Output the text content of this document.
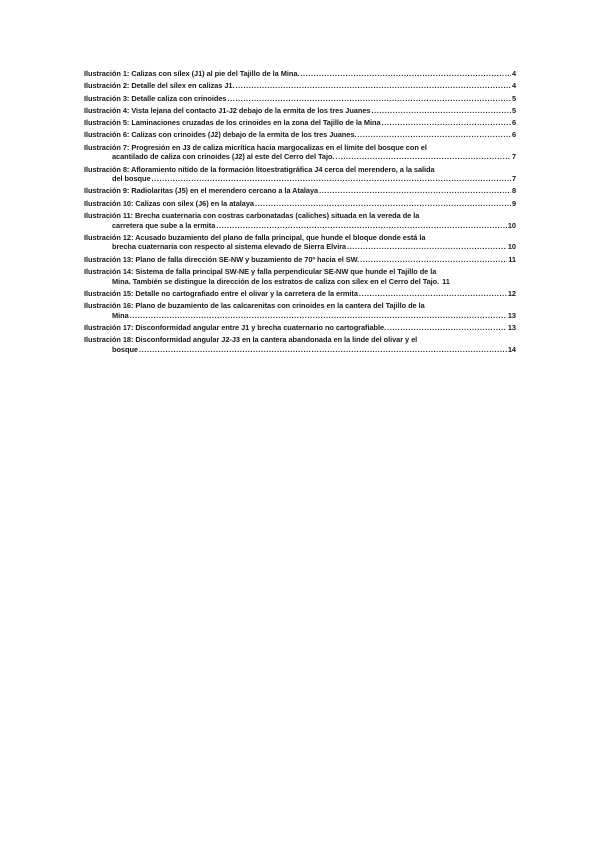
Ilustración 1: Calizas con sílex (J1) al pie del Tajillo de la Mina. .....	4
Ilustración 2: Detalle del sílex en calizas J1. .....	4
Ilustración 3: Detalle caliza con crinoides .....	5
Ilustración 4: Vista lejana del contacto J1-J2 debajo de la ermita de los tres Juanes .....	5
Ilustración 5: Laminaciones cruzadas de los crinoides en la zona del Tajillo de la Mina .....	6
Ilustración 6: Calizas con crinoides (J2) debajo de la ermita de los tres Juanes. .....	6
Ilustración 7: Progresión en J3 de caliza micrítica hacia margocalizas en el límite del bosque con el
acantilado de caliza con crinoides (J2) al este del Cerro del Tajo. .....	7
Ilustración 8: Afloramiento nítido de la formación litoestratigráfica J4 cerca del merendero, a la salida
del bosque .....	7
Ilustración 9: Radiolaritas (J5) en el merendero cercano a la Atalaya .....	8
Ilustración 10: Calizas con sílex (J6) en la atalaya .....	9
Ilustración 11: Brecha cuaternaria con costras carbonatadas (caliches) situada en la vereda de la
carretera que sube a la ermita .....	10
Ilustración 12: Acusado buzamiento del plano de falla principal, que hunde el bloque donde está la
brecha cuaternaria con respecto al sistema elevado de Sierra Elvira .....	10
Ilustración 13: Plano de falla dirección SE-NW y buzamiento de 70º hacia el SW. .....	11
Ilustración 14: Sistema de falla principal SW-NE y falla perpendicular SE-NW que hunde el Tajillo de la
Mina. También se distingue la dirección de los estratos de caliza con sílex en el Cerro del Tajo. 11
Ilustración 15: Detalle no cartografiado entre el olivar y la carretera de la ermita .....	12
Ilustración 16: Plano de buzamiento de las calcarenitas con crinoides en la cantera del Tajillo de la
Mina .....	13
Ilustración 17: Disconformidad angular entre J1 y brecha cuaternario no cartografiable. .....	13
Ilustración 18: Disconformidad angular J2-J3 en la cantera abandonada en la linde del olivar y el
bosque .....	14
